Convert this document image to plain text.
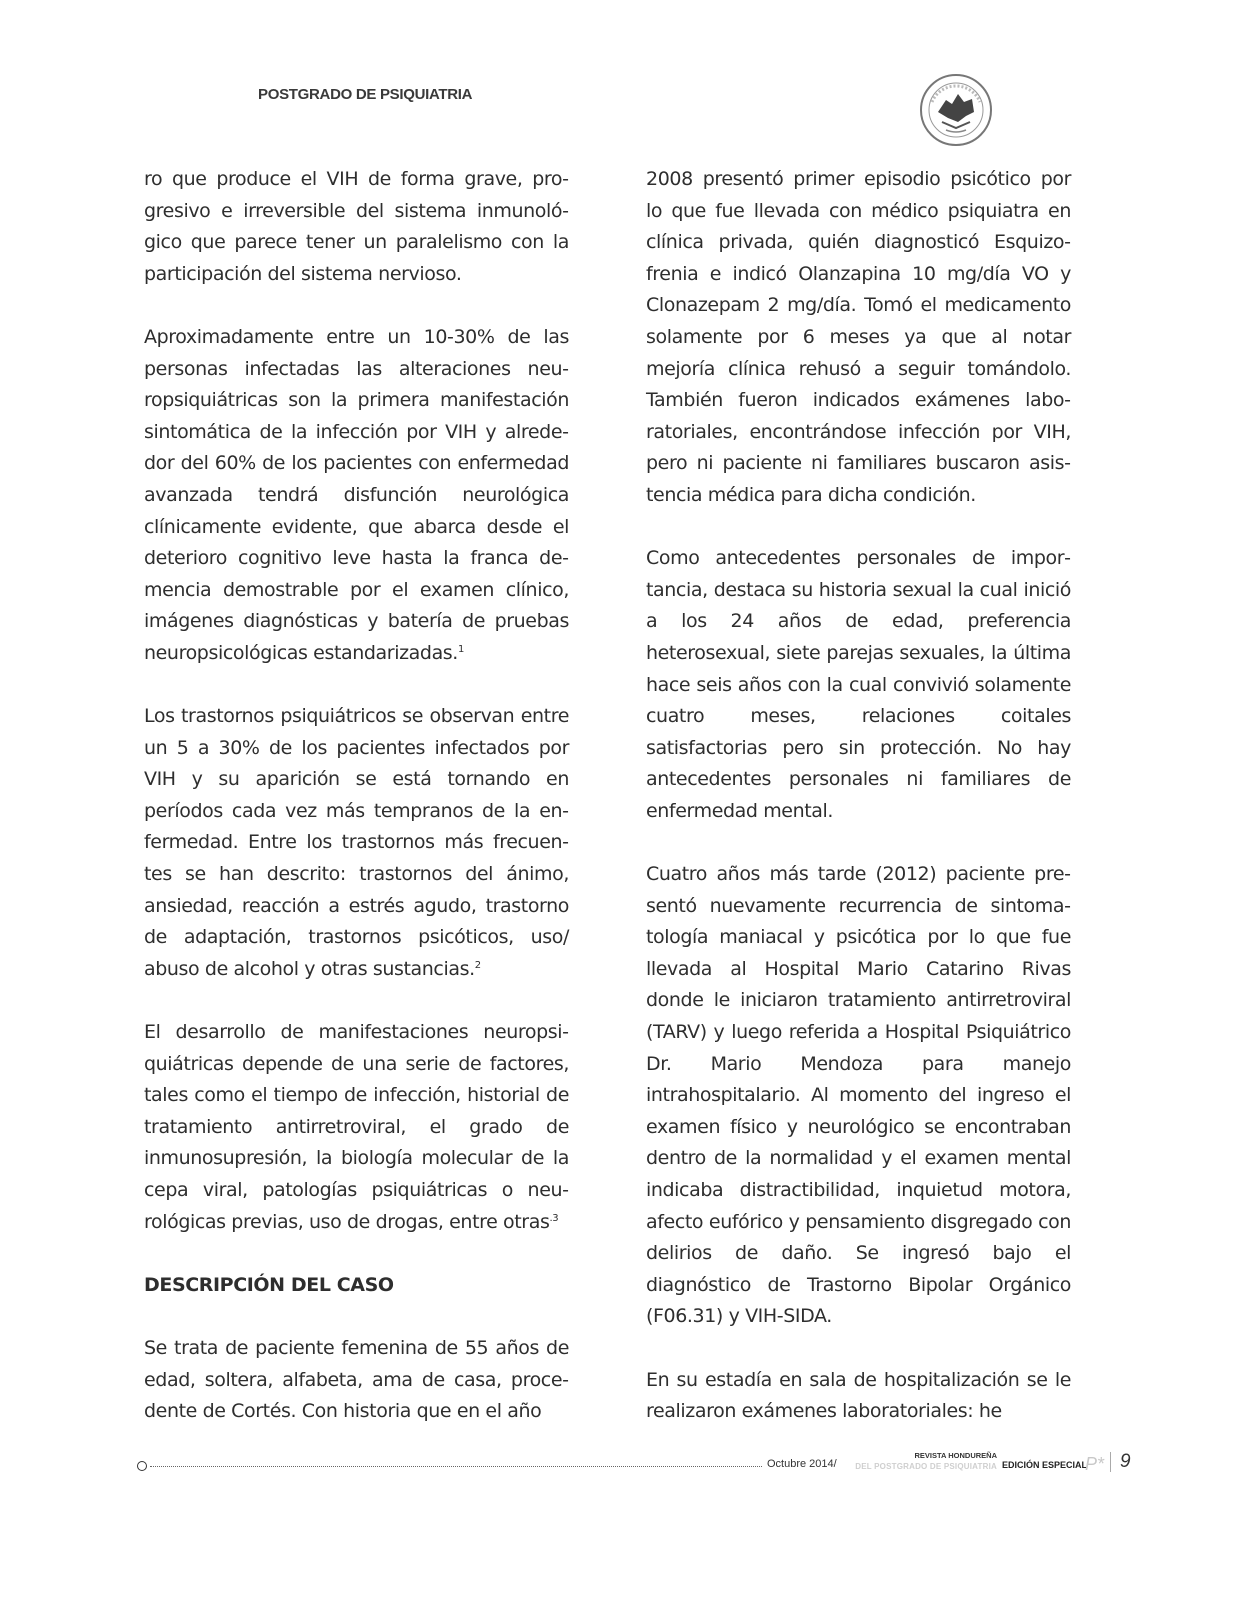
POSTGRADO DE PSIQUIATRIA

ro que produce el VIH de forma grave, progresivo e irreversible del sistema inmunológico que parece tener un paralelismo con la participación del sistema nervioso.

Aproximadamente entre un 10-30% de las personas infectadas las alteraciones neuropsiquiátricas son la primera manifestación sintomática de la infección por VIH y alrededor del 60% de los pacientes con enfermedad avanzada tendrá disfunción neurológica clínicamente evidente, que abarca desde el deterioro cognitivo leve hasta la franca demencia demostrable por el examen clínico, imágenes diagnósticas y batería de pruebas neuropsicológicas estandarizadas.$^1$

Los trastornos psiquiátricos se observan entre un 5 a 30% de los pacientes infectados por VIH y su aparición se está tornando en períodos cada vez más tempranos de la enfermedad. Entre los trastornos más frecuentes se han descrito: trastornos del ánimo, ansiedad, reacción a estrés agudo, trastorno de adaptación, trastornos psicóticos, uso/ abuso de alcohol y otras sustancias.$^2$

El desarrollo de manifestaciones neuropsiquiátricas depende de una serie de factores, tales como el tiempo de infección, historial de tratamiento antirretroviral, el grado de inmunosupresión, la biología molecular de la cepa viral, patologías psiquiátricas o neurológicas previas, uso de drogas, entre otras$^{.3}$

DESCRIPCIÓN DEL CASO

Se trata de paciente femenina de 55 años de edad, soltera, alfabeta, ama de casa, procedente de Cortés. Con historia que en el año

2008 presentó primer episodio psicótico por lo que fue llevada con médico psiquiatra en clínica privada, quién diagnosticó Esquizofrenia e indicó Olanzapina 10 mg/día VO y Clonazepam 2 mg/día. Tomó el medicamento solamente por 6 meses ya que al notar mejoría clínica rehusó a seguir tomándolo. También fueron indicados exámenes laboratoriales, encontrándose infección por VIH, pero ni paciente ni familiares buscaron asistencia médica para dicha condición.

Como antecedentes personales de importancia, destaca su historia sexual la cual inició a los 24 años de edad, preferencia heterosexual, siete parejas sexuales, la última hace seis años con la cual convivió solamente cuatro meses, relaciones coitales satisfactorias pero sin protección. No hay antecedentes personales ni familiares de enfermedad mental.

Cuatro años más tarde (2012) paciente presentó nuevamente recurrencia de sintomatología maniacal y psicótica por lo que fue llevada al Hospital Mario Catarino Rivas donde le iniciaron tratamiento antirretroviral (TARV) y luego referida a Hospital Psiquiátrico Dr. Mario Mendoza para manejo intrahospitalario. Al momento del ingreso el examen físico y neurológico se encontraban dentro de la normalidad y el examen mental indicaba distractibilidad, inquietud motora, afecto eufórico y pensamiento disgregado con delirios de daño. Se ingresó bajo el diagnóstico de Trastorno Bipolar Orgánico (F06.31) y VIH-SIDA.

En su estadía en sala de hospitalización se le realizaron exámenes laboratoriales: he

Octubre 2014/
REVISTA HONDUREÑA
DEL POSTGRADO DE PSIQUIATRIA EDICIÓN ESPECIAL
P* 9
